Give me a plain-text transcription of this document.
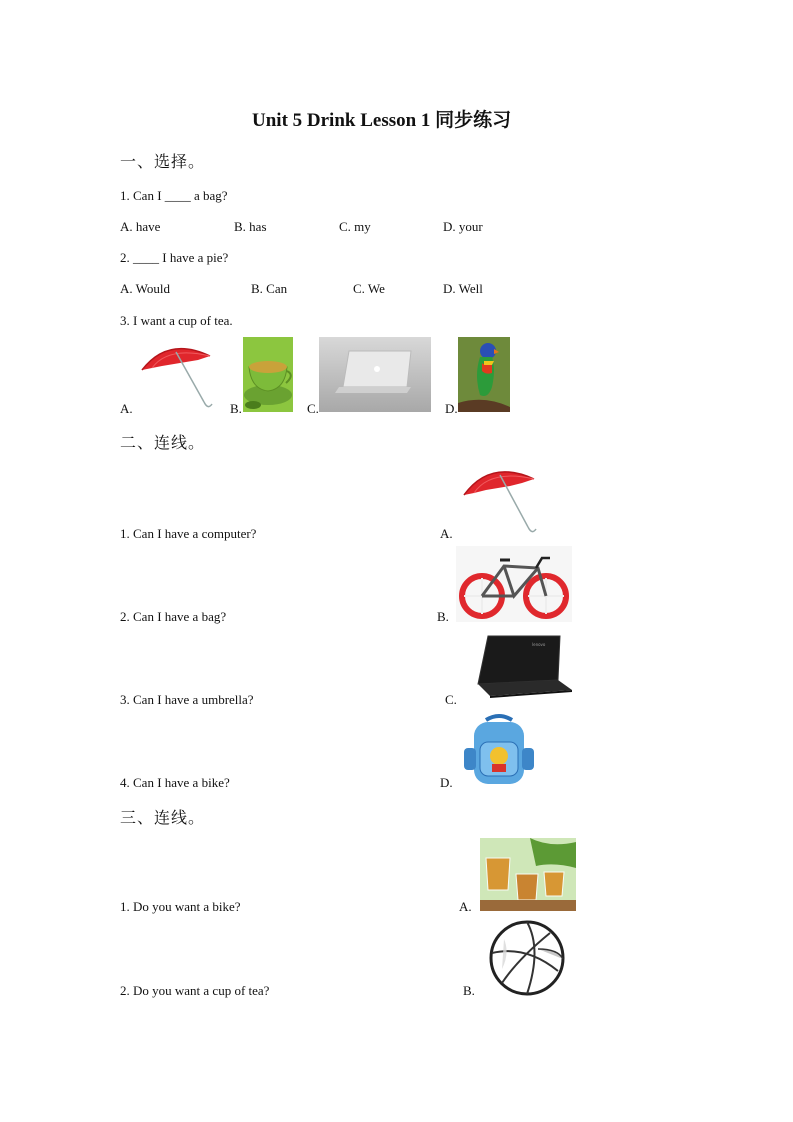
Unit 5 Drink Lesson 1 同步练习
一、选择。
1. Can I ____ a bag?
A. have	B. has	C. my	D. your
2. ____ I have a pie?
A. Would	B. Can	C. We	D. Well
3. I want a cup of tea.
A.	B.	C.	D.
二、连线。
1. Can I have a computer?
2. Can I have a bag?
3. Can I have a umbrella?
4. Can I have a bike?
A.
B.
C.
D.
lenovo
三、连线。
1. Do you want a bike?
2. Do you want a cup of tea?
A.
B.
